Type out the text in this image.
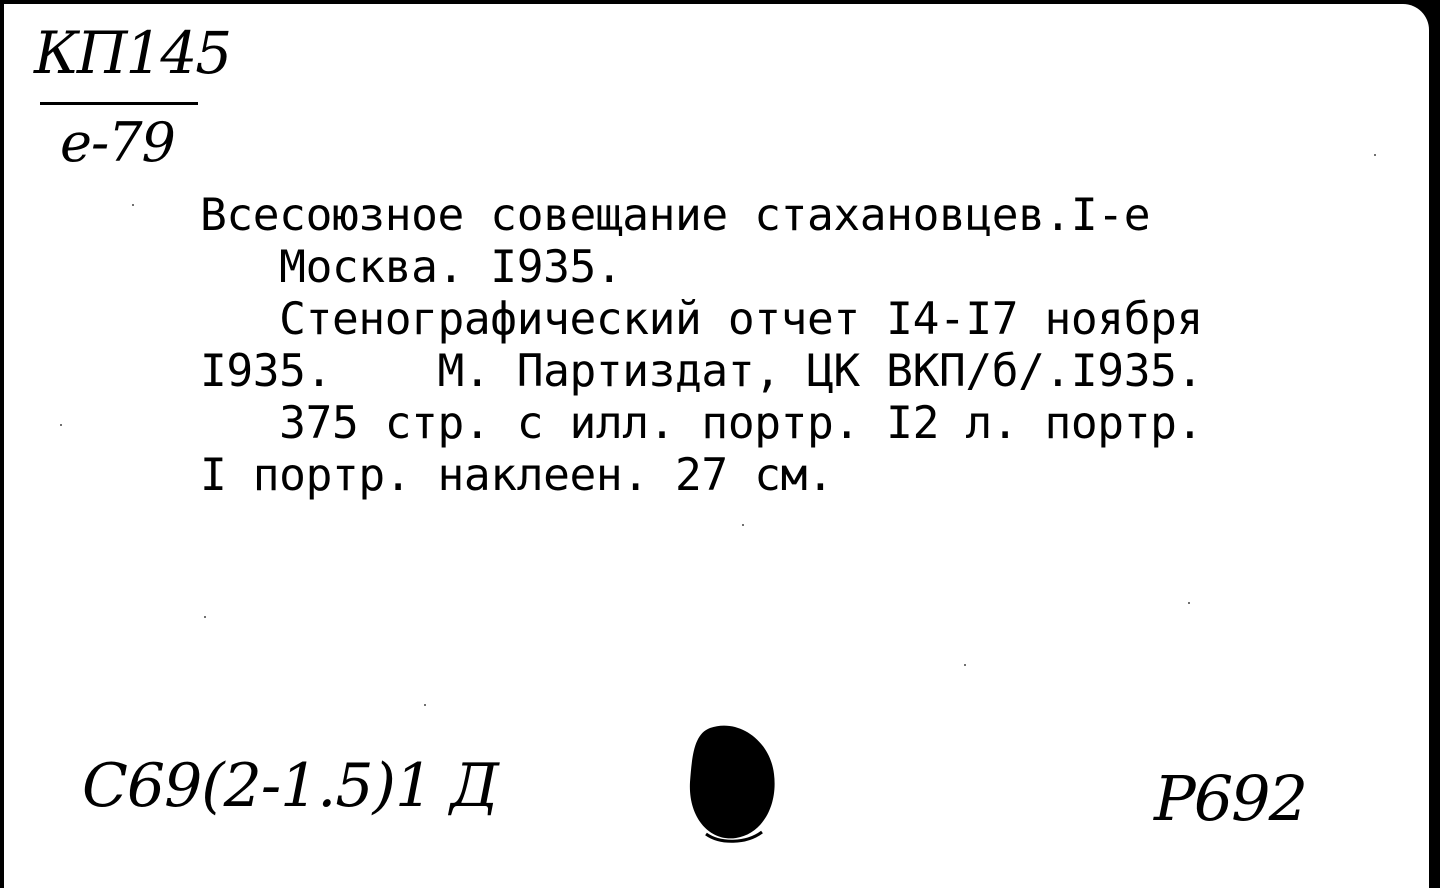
КП145
е-79
Всесоюзное совещание стахановцев.I-е
Москва. I935.
Стенографический отчет I4-I7 ноября
I935.    М. Партиздат, ЦК ВКП/б/.I935.
375 стр. с илл. портр. I2 л. портр.
I портр. наклеен. 27 см.
С69(2-1.5)1 Д	Р692
